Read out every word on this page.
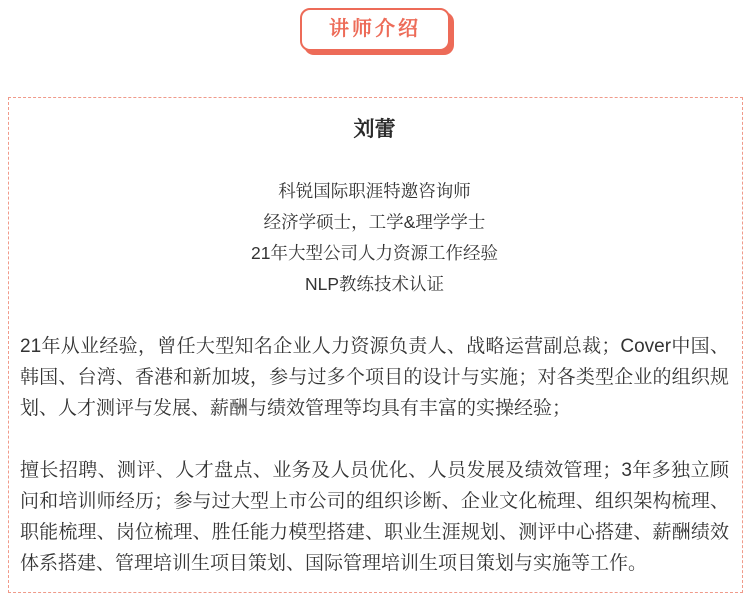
讲师介绍
刘蕾
科锐国际职涯特邀咨询师
经济学硕士，工学&理学学士
21年大型公司人力资源工作经验
NLP教练技术认证

21年从业经验，曾任大型知名企业人力资源负责人、战略运营副总裁；Cover中国、韩国、台湾、香港和新加坡，参与过多个项目的设计与实施；对各类型企业的组织规划、人才测评与发展、薪酬与绩效管理等均具有丰富的实操经验；

擅长招聘、测评、人才盘点、业务及人员优化、人员发展及绩效管理；3年多独立顾问和培训师经历；参与过大型上市公司的组织诊断、企业文化梳理、组织架构梳理、职能梳理、岗位梳理、胜任能力模型搭建、职业生涯规划、测评中心搭建、薪酬绩效体系搭建、管理培训生项目策划、国际管理培训生项目策划与实施等工作。
